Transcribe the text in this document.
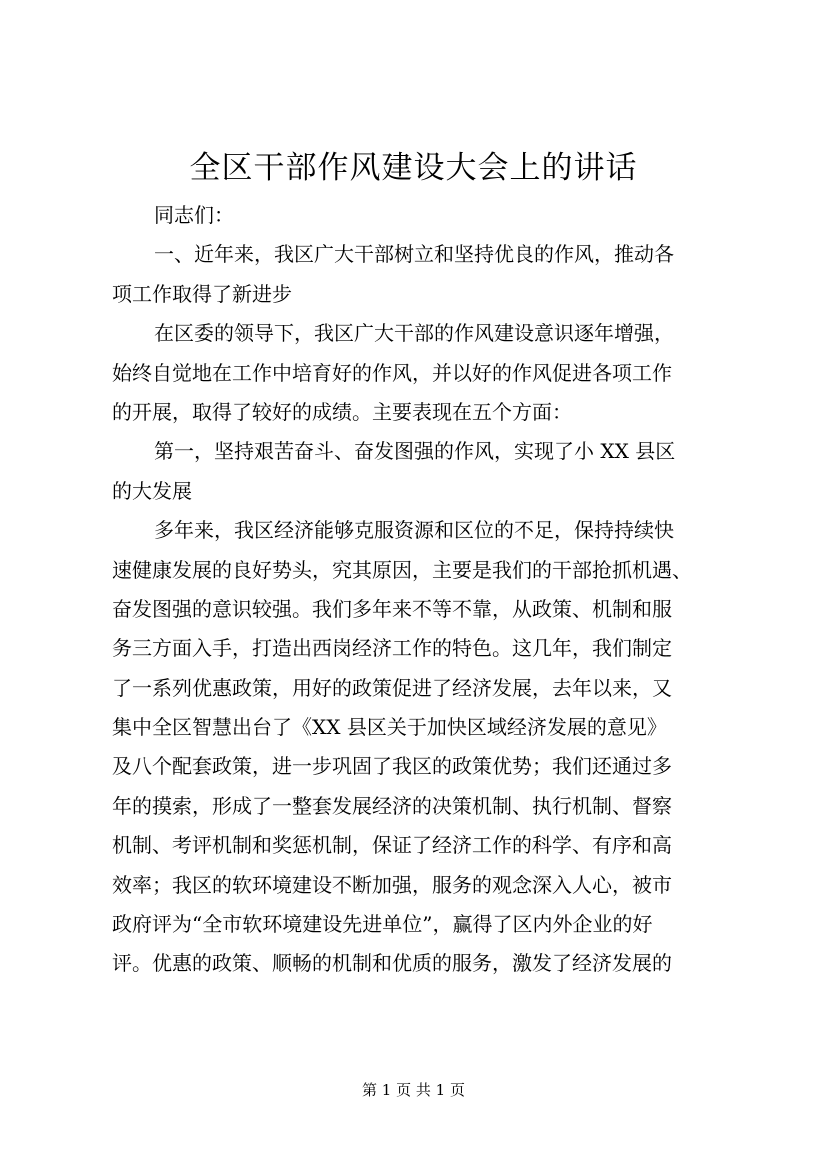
全区干部作风建设大会上的讲话
同志们：
一、近年来，我区广大干部树立和坚持优良的作风，推动各
项工作取得了新进步
在区委的领导下，我区广大干部的作风建设意识逐年增强，
始终自觉地在工作中培育好的作风，并以好的作风促进各项工作
的开展，取得了较好的成绩。主要表现在五个方面：
第一，坚持艰苦奋斗、奋发图强的作风，实现了小 XX 县区
的大发展
多年来，我区经济能够克服资源和区位的不足，保持持续快
速健康发展的良好势头，究其原因，主要是我们的干部抢抓机遇、
奋发图强的意识较强。我们多年来不等不靠，从政策、机制和服
务三方面入手，打造出西岗经济工作的特色。这几年，我们制定
了一系列优惠政策，用好的政策促进了经济发展，去年以来，又
集中全区智慧出台了《XX 县区关于加快区域经济发展的意见》
及八个配套政策，进一步巩固了我区的政策优势；我们还通过多
年的摸索，形成了一整套发展经济的决策机制、执行机制、督察
机制、考评机制和奖惩机制，保证了经济工作的科学、有序和高
效率；我区的软环境建设不断加强，服务的观念深入人心，被市
政府评为“全市软环境建设先进单位”，赢得了区内外企业的好
评。优惠的政策、顺畅的机制和优质的服务，激发了经济发展的
第 1 页 共 1 页
